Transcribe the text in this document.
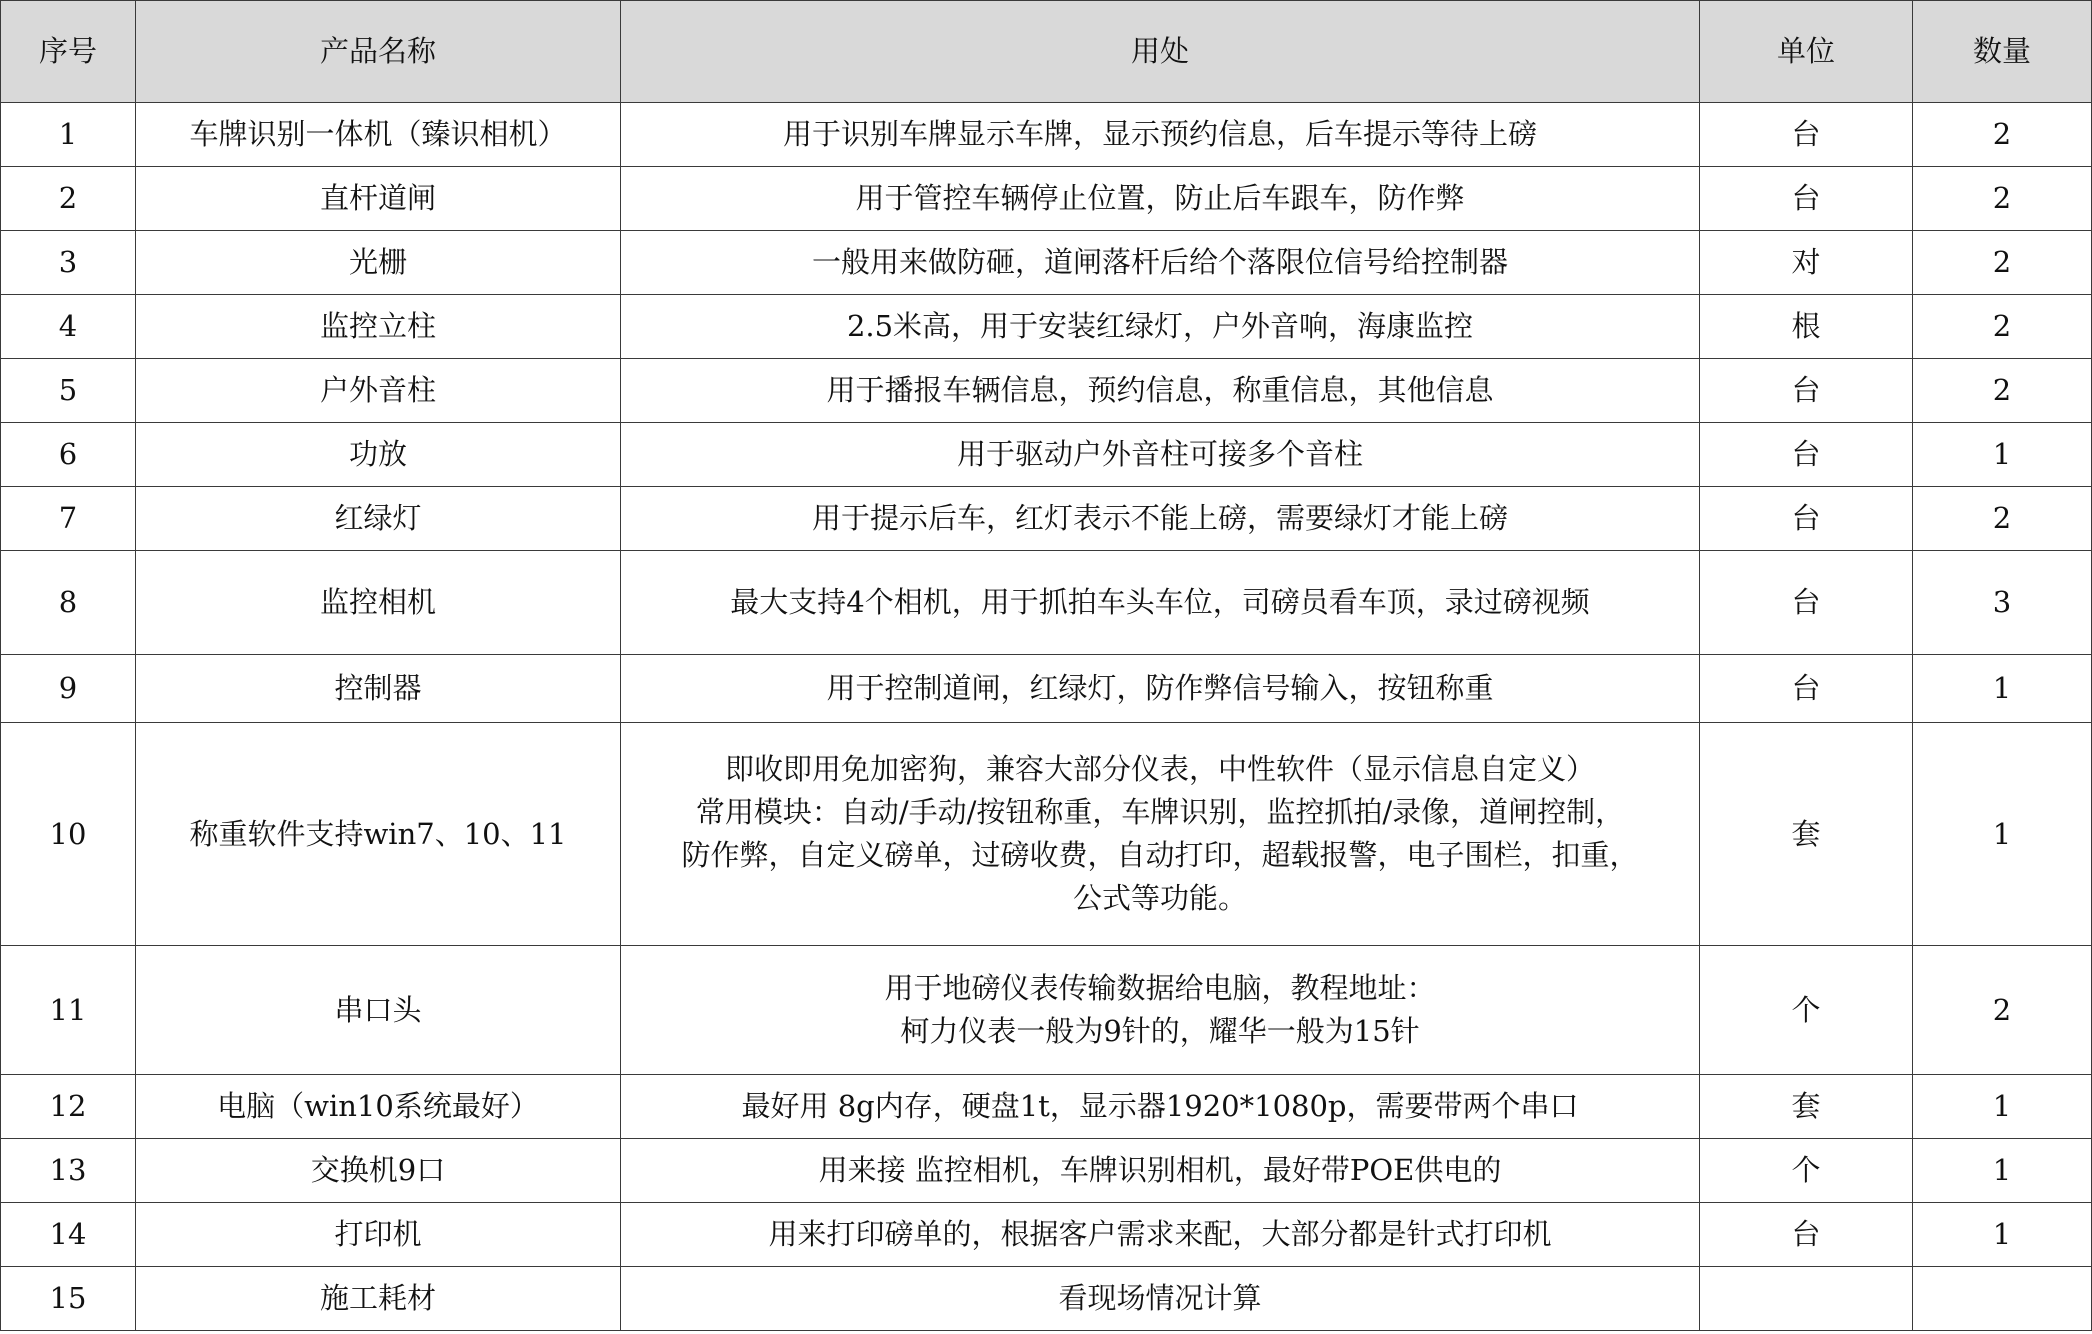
序号	产品名称	用处	单位	数量
1	车牌识别一体机（臻识相机）	用于识别车牌显示车牌，显示预约信息，后车提示等待上磅	台	2
2	直杆道闸	用于管控车辆停止位置，防止后车跟车，防作弊	台	2
3	光栅	一般用来做防砸，道闸落杆后给个落限位信号给控制器	对	2
4	监控立柱	2.5米高，用于安装红绿灯，户外音响，海康监控	根	2
5	户外音柱	用于播报车辆信息，预约信息，称重信息，其他信息	台	2
6	功放	用于驱动户外音柱可接多个音柱	台	1
7	红绿灯	用于提示后车，红灯表示不能上磅，需要绿灯才能上磅	台	2
8	监控相机	最大支持4个相机，用于抓拍车头车位，司磅员看车顶，录过磅视频	台	3
9	控制器	用于控制道闸，红绿灯，防作弊信号输入，按钮称重	台	1
10	称重软件支持win7、10、11	即收即用免加密狗，兼容大部分仪表，中性软件（显示信息自定义）
常用模块：自动/手动/按钮称重，车牌识别，监控抓拍/录像，道闸控制，
防作弊，自定义磅单，过磅收费，自动打印，超载报警，电子围栏，扣重，
公式等功能。	套	1
11	串口头	用于地磅仪表传输数据给电脑，教程地址：
柯力仪表一般为9针的，耀华一般为15针	个	2
12	电脑（win10系统最好）	最好用 8g内存，硬盘1t，显示器1920*1080p，需要带两个串口	套	1
13	交换机9口	用来接 监控相机，车牌识别相机，最好带POE供电的	个	1
14	打印机	用来打印磅单的，根据客户需求来配，大部分都是针式打印机	台	1
15	施工耗材	看现场情况计算		
